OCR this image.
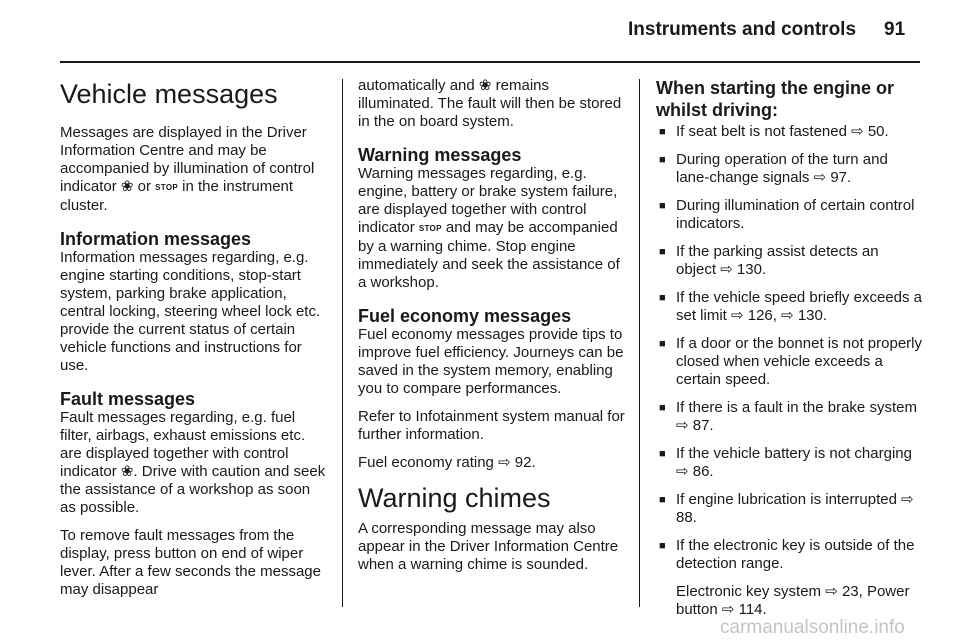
Instruments and controls 91
Vehicle messages

Messages are displayed in the Driver Information Centre and may be accompanied by illumination of control indicator ❀ or STOP in the instrument cluster.

Information messages

Information messages regarding, e.g. engine starting conditions, stop-start system, parking brake application, central locking, steering wheel lock etc. provide the current status of certain vehicle functions and instructions for use.

Fault messages

Fault messages regarding, e.g. fuel filter, airbags, exhaust emissions etc. are displayed together with control indicator ❀. Drive with caution and seek the assistance of a workshop as soon as possible.

To remove fault messages from the display, press button on end of wiper lever. After a few seconds the message may disappear

automatically and ❀ remains illuminated. The fault will then be stored in the on board system.

Warning messages

Warning messages regarding, e.g. engine, battery or brake system failure, are displayed together with control indicator STOP and may be accompanied by a warning chime. Stop engine immediately and seek the assistance of a workshop.

Fuel economy messages

Fuel economy messages provide tips to improve fuel efficiency. Journeys can be saved in the system memory, enabling you to compare performances.

Refer to Infotainment system manual for further information.

Fuel economy rating ⇨ 92.

Warning chimes

A corresponding message may also appear in the Driver Information Centre when a warning chime is sounded.

When starting the engine or whilst driving:
■ If seat belt is not fastened ⇨ 50.
■ During operation of the turn and lane-change signals ⇨ 97.
■ During illumination of certain control indicators.
■ If the parking assist detects an object ⇨ 130.
■ If the vehicle speed briefly exceeds a set limit ⇨ 126, ⇨ 130.
■ If a door or the bonnet is not properly closed when vehicle exceeds a certain speed.
■ If there is a fault in the brake system ⇨ 87.
■ If the vehicle battery is not charging ⇨ 86.
■ If engine lubrication is interrupted ⇨ 88.
■ If the electronic key is outside of the detection range.

Electronic key system ⇨ 23, Power button ⇨ 114.

carmanualsonline.info
